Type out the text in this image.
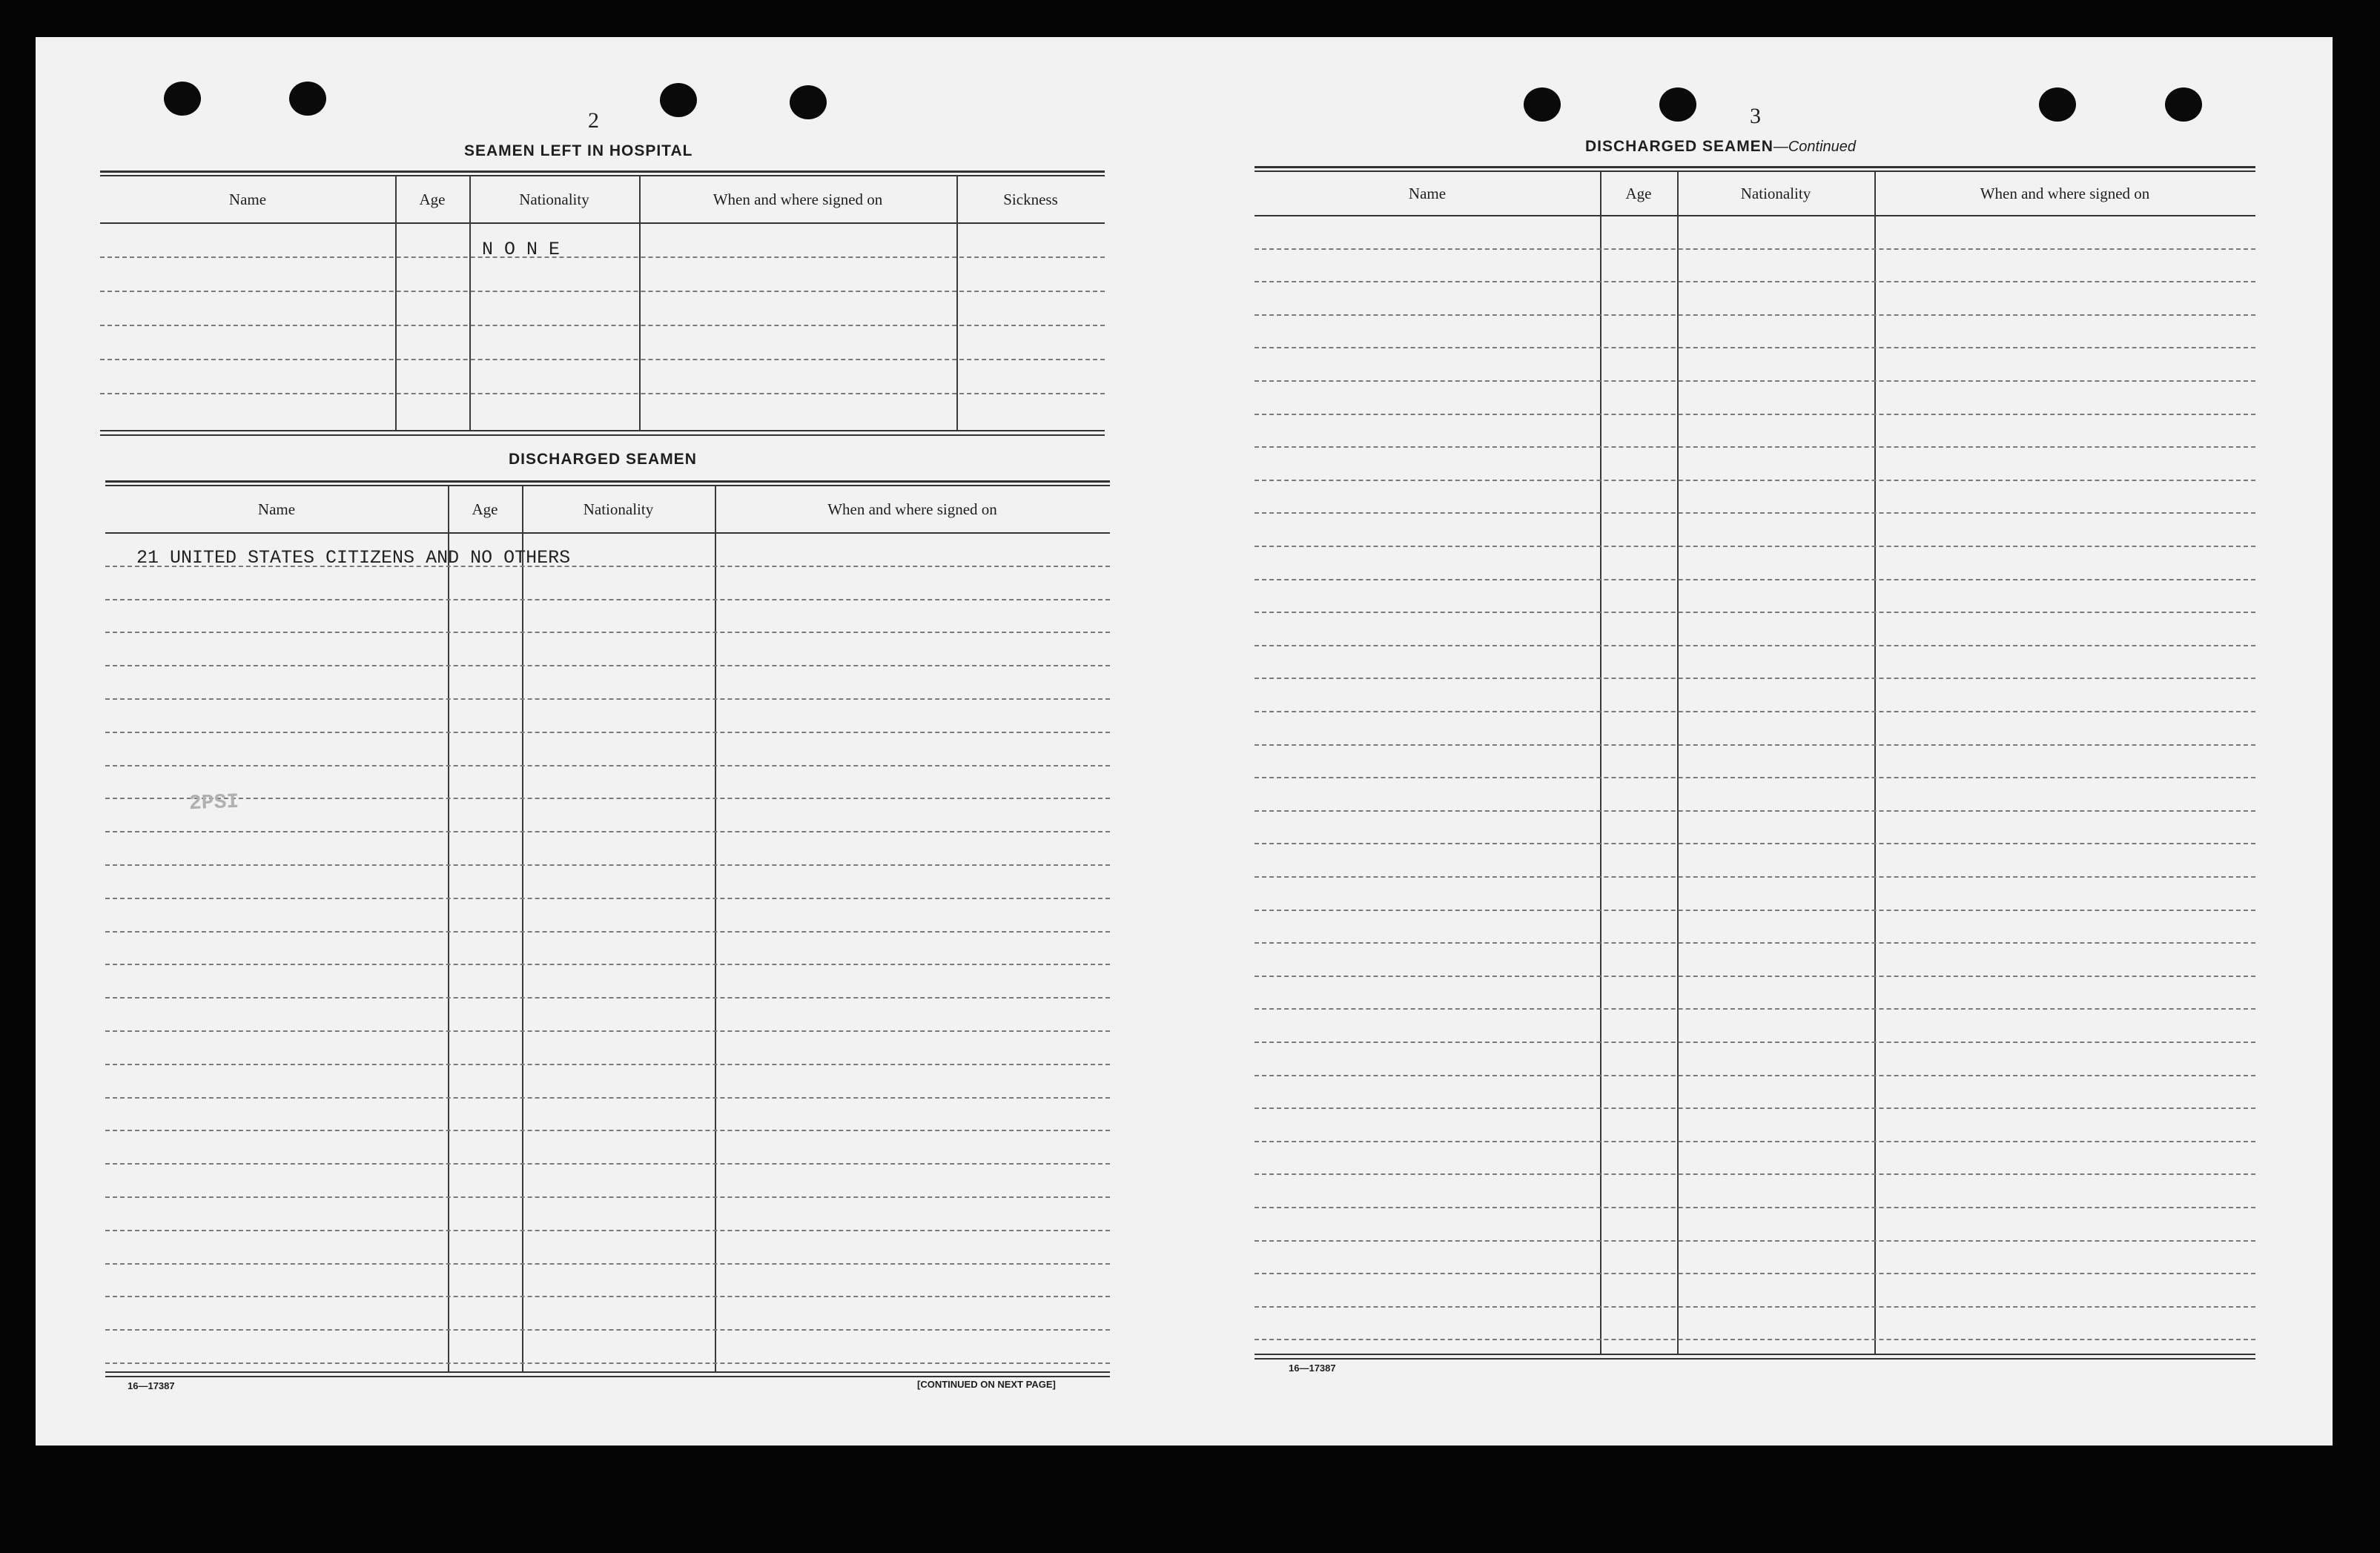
2
SEAMEN LEFT IN HOSPITAL
Name	Age	Nationality	When and where signed on	Sickness
N O N E
DISCHARGED SEAMEN
Name	Age	Nationality	When and where signed on
21 UNITED STATES CITIZENS AND NO OTHERS
2PSI
16—17387	[CONTINUED ON NEXT PAGE]
3
DISCHARGED SEAMEN—Continued
Name	Age	Nationality	When and where signed on
16—17387
